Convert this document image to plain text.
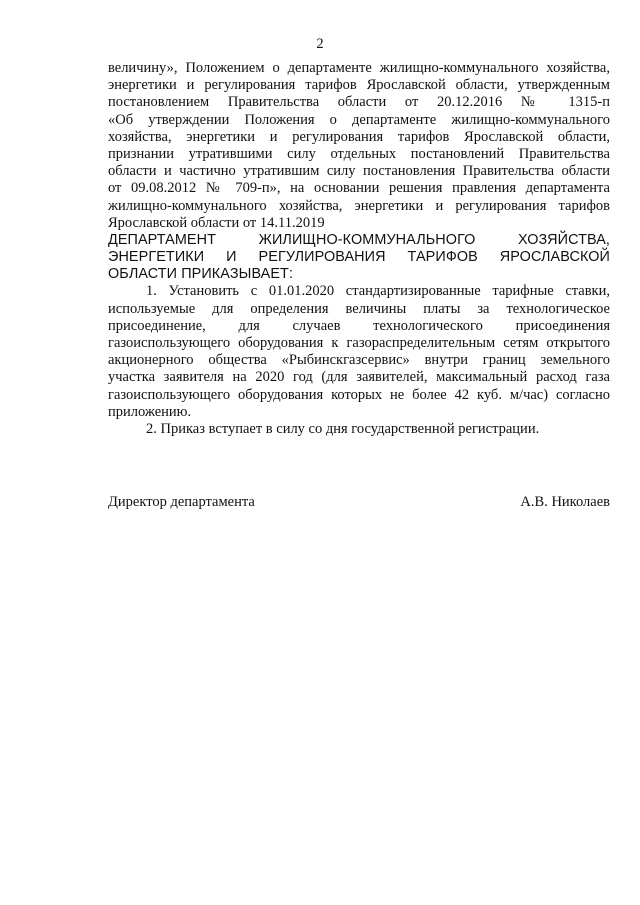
2
величину», Положением о департаменте жилищно-коммунального хозяйства,
энергетики и регулирования тарифов Ярославской области, утвержденным
постановлением Правительства области от 20.12.2016 № 1315-п
«Об утверждении Положения о департаменте жилищно-коммунального
хозяйства, энергетики и регулирования тарифов Ярославской области,
признании утратившими силу отдельных постановлений Правительства
области и частично утратившим силу постановления Правительства области
от 09.08.2012 № 709-п», на основании решения правления департамента
жилищно-коммунального хозяйства, энергетики и регулирования тарифов
Ярославской области от 14.11.2019
ДЕПАРТАМЕНТ ЖИЛИЩНО-КОММУНАЛЬНОГО ХОЗЯЙСТВА,
ЭНЕРГЕТИКИ И РЕГУЛИРОВАНИЯ ТАРИФОВ ЯРОСЛАВСКОЙ
ОБЛАСТИ ПРИКАЗЫВАЕТ:
1. Установить с 01.01.2020 стандартизированные тарифные ставки,
используемые для определения величины платы за технологическое
присоединение, для случаев технологического присоединения
газоиспользующего оборудования к газораспределительным сетям открытого
акционерного общества «Рыбинскгазсервис» внутри границ земельного
участка заявителя на 2020 год (для заявителей, максимальный расход газа
газоиспользующего оборудования которых не более 42 куб. м/час) согласно
приложению.
2. Приказ вступает в силу со дня государственной регистрации.
Директор департамента	А.В. Николаев
